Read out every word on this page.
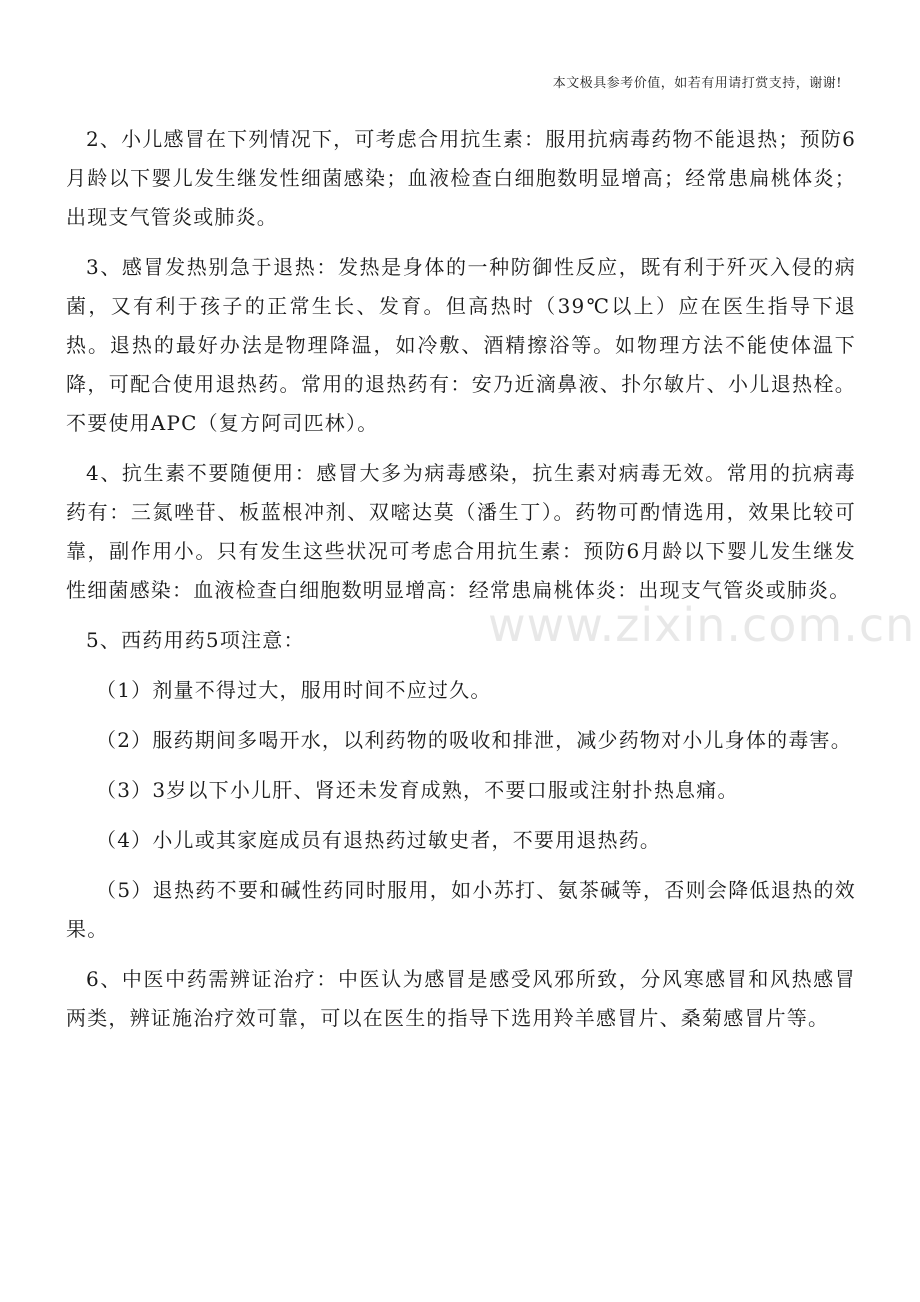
本文极具参考价值，如若有用请打赏支持，谢谢!
www.zixin.com.cn

2、小儿感冒在下列情况下，可考虑合用抗生素：服用抗病毒药物不能退热；预防6月龄以下婴儿发生继发性细菌感染；血液检查白细胞数明显增高；经常患扁桃体炎；出现支气管炎或肺炎。

3、感冒发热别急于退热：发热是身体的一种防御性反应，既有利于歼灭入侵的病菌，又有利于孩子的正常生长、发育。但高热时（39℃以上）应在医生指导下退热。退热的最好办法是物理降温，如冷敷、酒精擦浴等。如物理方法不能使体温下降，可配合使用退热药。常用的退热药有：安乃近滴鼻液、扑尔敏片、小儿退热栓。不要使用APC（复方阿司匹林）。

4、抗生素不要随便用：感冒大多为病毒感染，抗生素对病毒无效。常用的抗病毒药有：三氮唑苷、板蓝根冲剂、双嘧达莫（潘生丁）。药物可酌情选用，效果比较可靠，副作用小。只有发生这些状况可考虑合用抗生素：预防6月龄以下婴儿发生继发性细菌感染：血液检查白细胞数明显增高：经常患扁桃体炎：出现支气管炎或肺炎。

5、西药用药5项注意：

（1）剂量不得过大，服用时间不应过久。

（2）服药期间多喝开水，以利药物的吸收和排泄，减少药物对小儿身体的毒害。

（3）3岁以下小儿肝、肾还未发育成熟，不要口服或注射扑热息痛。

（4）小儿或其家庭成员有退热药过敏史者，不要用退热药。

（5）退热药不要和碱性药同时服用，如小苏打、氨茶碱等，否则会降低退热的效果。

6、中医中药需辨证治疗：中医认为感冒是感受风邪所致，分风寒感冒和风热感冒两类，辨证施治疗效可靠，可以在医生的指导下选用羚羊感冒片、桑菊感冒片等。
